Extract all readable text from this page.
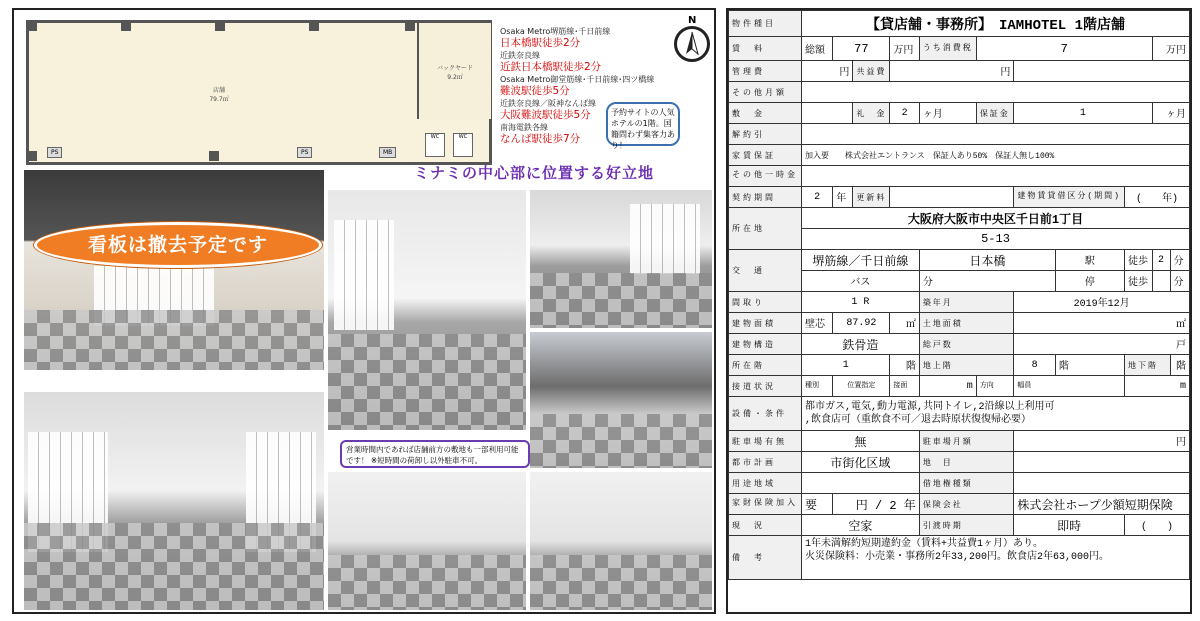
店舗
79.7㎡
バックヤード
9.2㎡
PS	PS	MB
WC	WC
N
Osaka Metro堺筋線･千日前線
日本橋駅徒歩2分
近鉄奈良線
近鉄日本橋駅徒歩2分
Osaka Metro御堂筋線･千日前線･四ツ橋線
難波駅徒歩5分
近鉄奈良線／阪神なんば線
大阪難波駅徒歩5分
南海電鉄各線
なんば駅徒歩7分
予約サイトの人気ホテルの1階。国籍問わず集客力あり！
ミナミの中心部に位置する好立地
看板は撤去予定です
営業時間内であれば店舗前方の敷地も一部利用可能です！ ※短時間の荷卸し以外駐車不可。
物件種目	【貸店舗・事務所】　IAMHOTEL 1階店舗										
賃　料	総額	77		万円	うち消費税	7				万円	
管理費	円		共益費	円							
その他月額											
敷　金			礼　金	2	ヶ月	保証金	1			ヶ月	
解約引											
家賃保証	加入要　　株式会社エントランス　保証人あり50%　保証人無し100%										
その他一時金											
契約期間	2	年	更新料				建物賃貸借区分(期間)		(　　年)		
所在地	大阪府大阪市中央区千日前1丁目										
	5-13										
交　通	堺筋線／千日前線				日本橋			駅	徒歩	2	分
	バス				分			停	徒歩		分
間取り	1 R				築年月		2019年12月				
建物面積	壁芯	87.92		㎡	土地面積		㎡				
建物構造	鉄骨造				総戸数		戸				
所在階	1			階	地上階		8	階	地下階		階
接道状況	種別	位置指定		接面	m	方向	幅員		m		
設備・条件	都市ガス,電気,動力電源,共同トイレ,2沿線以上利用可
,飲食店可（重飲食不可／退去時原状復復帰必要）										

駐車場有無	無				駐車場月額		円				
都市計画	市街化区域				地　目						
用途地域					借地権種類						
家財保険加入	要	円 / 2 年			保険会社		株式会社ホープ少額短期保険				
現　況	空家				引渡時期		即時		(　　)		
備　考	1年未満解約短期違約金（賃料+共益費1ヶ月）あり。
火災保険料：小売業・事務所2年33,200円。飲食店2年63,000円。										
